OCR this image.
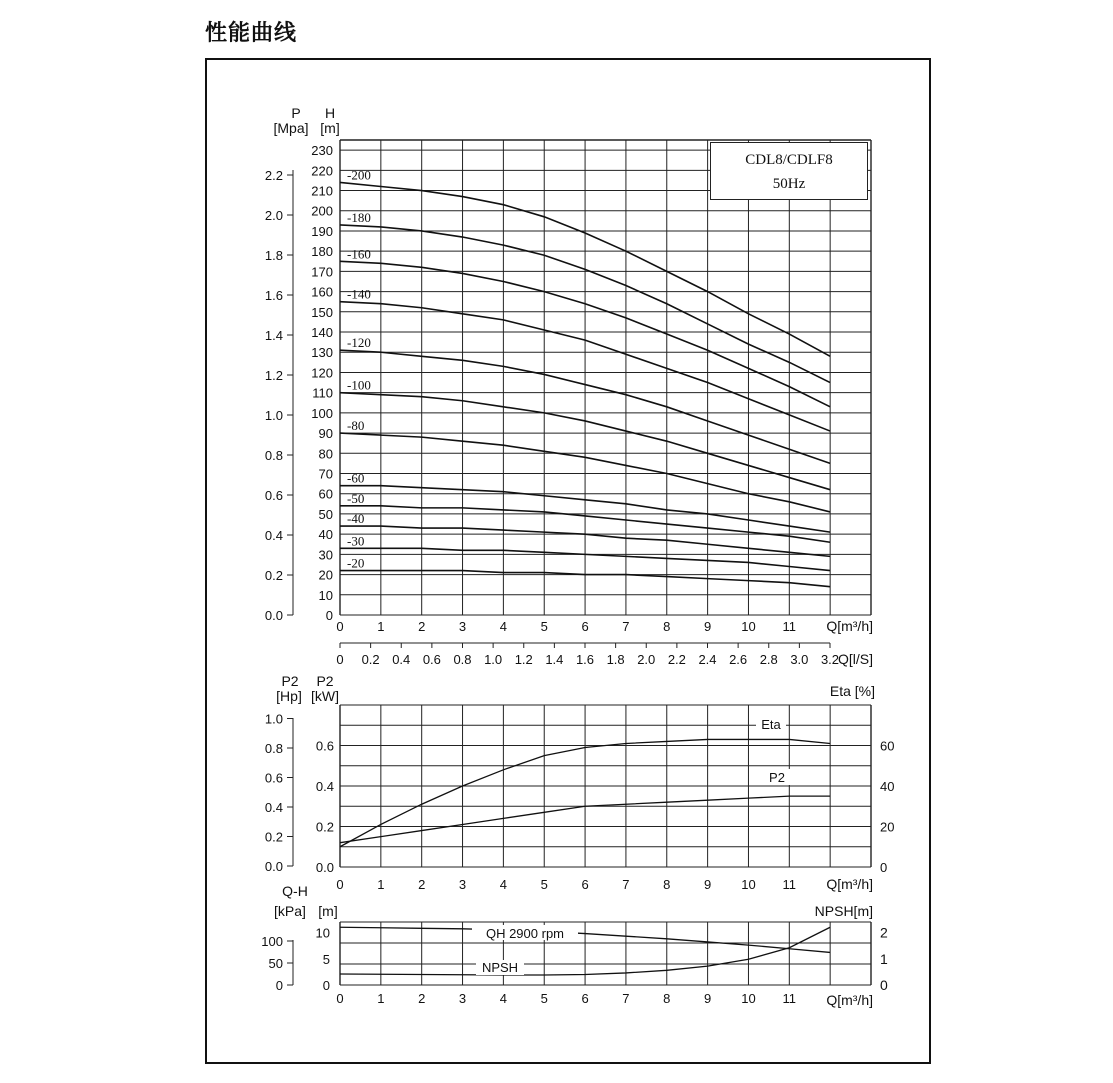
性能曲线
10
20
30
40
50
60
70
80
90
100
110
120
130
140
150
160
170
180
190
200
210
220
230
0
0.0
0.2
0.4
0.6
0.8
1.0
1.2
1.4
1.6
1.8
2.0
2.2
P
[Mpa]
H
[m]
0	1	2	3	4	5	6	7	8	9 10 11 Q[m³/h]
0 0.2 0.4 0.6 0.8 1.0 1.2 1.4 1.6 1.8 2.0 2.2 2.4 2.6 2.8 3.0 3.2
Q[l/S]
-200
-180
-160
-140
-120
-100
-80
-60
-50
-40
-30
-20
0.0
0.2
0.4
0.6
0
20
40
60
0.0
0.2
0.4
0.6
0.8
1.0
P2
[Hp]
P2
[kW]	Eta [%]
0	1	2	3	4	5	6	7	8	9 10 11 Q[m³/h]
Eta
P2
0
5
10
0
50
100
0
1
2
Q-H
[kPa] [m]	NPSH[m]
0	1	2	3	4	5	6	7	8	9 10 11 Q[m³/h]
QH 2900 rpm
NPSH
CDL8/CDLF8
50Hz
